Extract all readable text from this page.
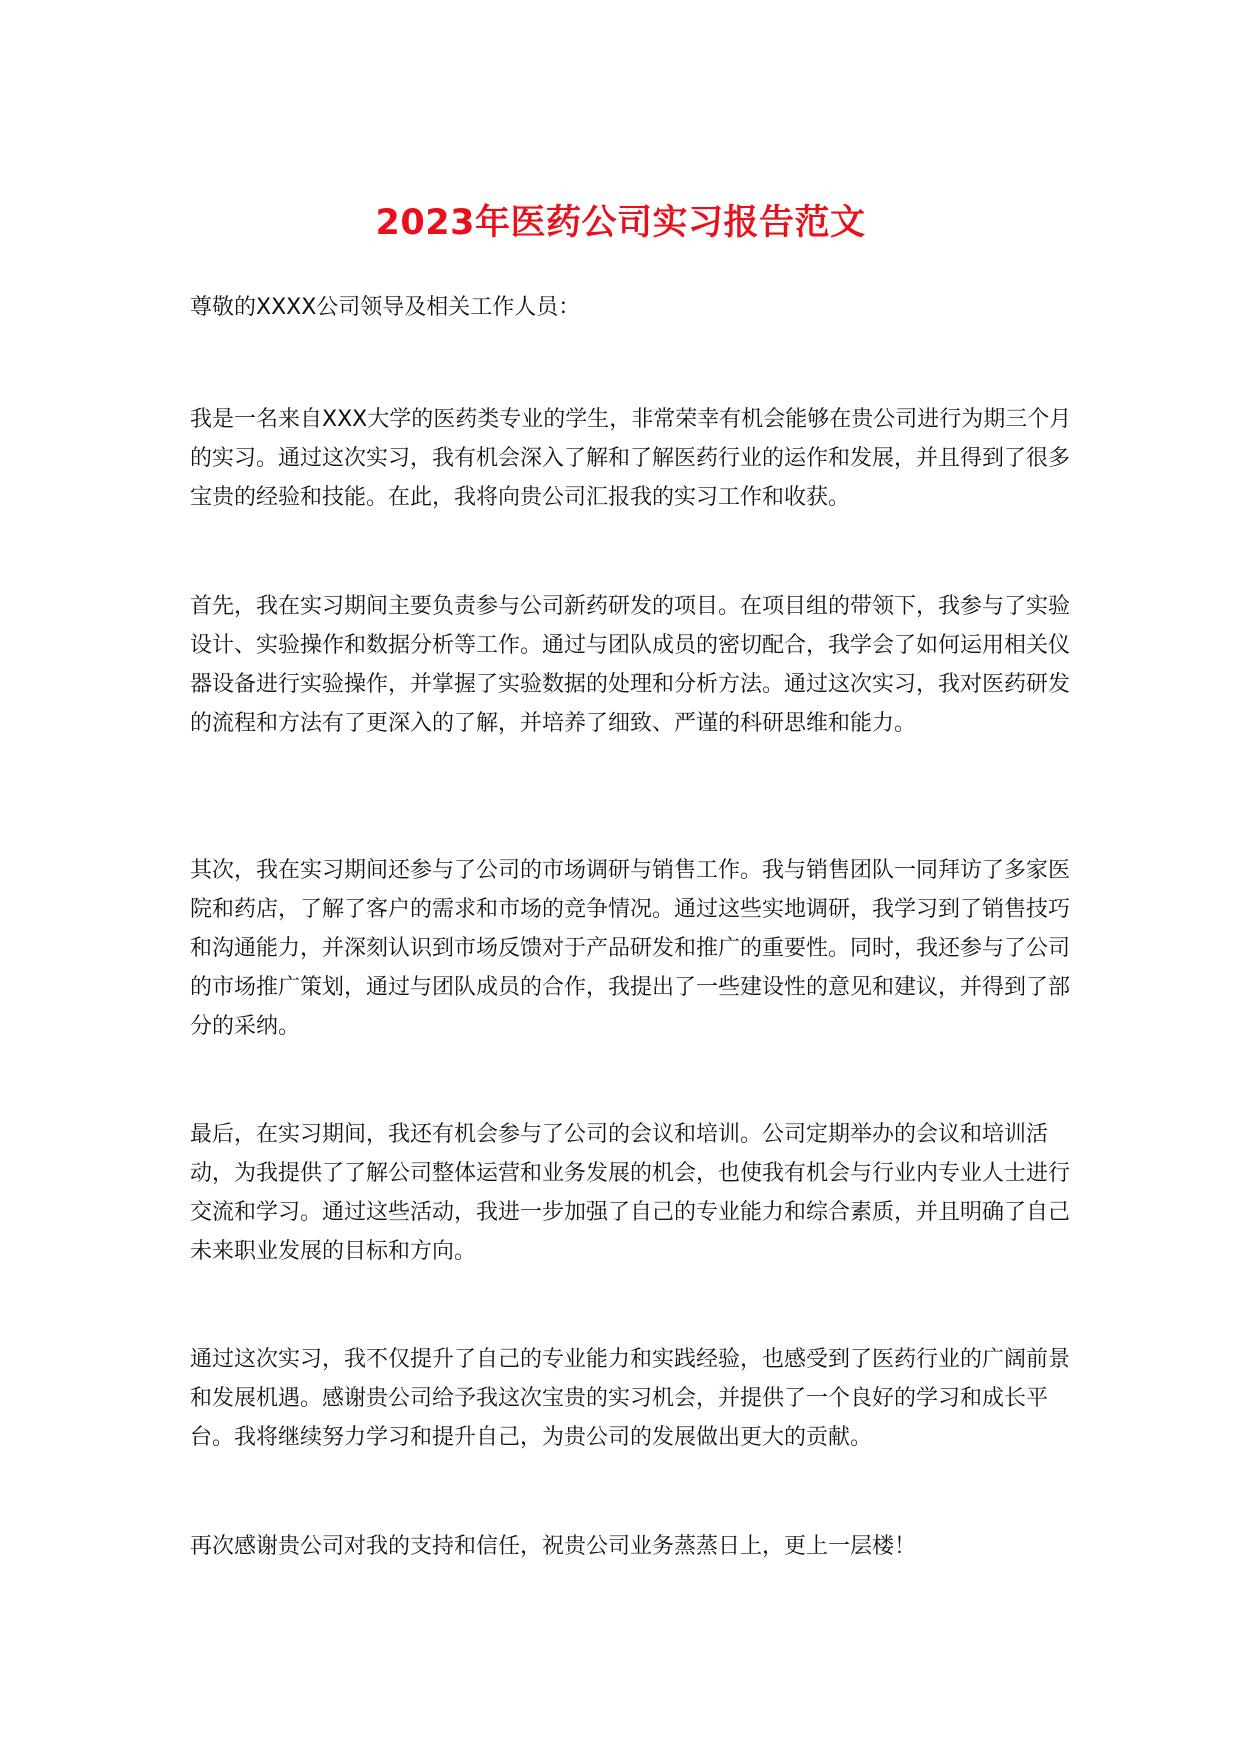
2023年医药公司实习报告范文

尊敬的XXXX公司领导及相关工作人员：

我是一名来自XXX大学的医药类专业的学生，非常荣幸有机会能够在贵公司进行为期三个月的实习。通过这次实习，我有机会深入了解和了解医药行业的运作和发展，并且得到了很多宝贵的经验和技能。在此，我将向贵公司汇报我的实习工作和收获。

首先，我在实习期间主要负责参与公司新药研发的项目。在项目组的带领下，我参与了实验设计、实验操作和数据分析等工作。通过与团队成员的密切配合，我学会了如何运用相关仪器设备进行实验操作，并掌握了实验数据的处理和分析方法。通过这次实习，我对医药研发的流程和方法有了更深入的了解，并培养了细致、严谨的科研思维和能力。

其次，我在实习期间还参与了公司的市场调研与销售工作。我与销售团队一同拜访了多家医院和药店，了解了客户的需求和市场的竞争情况。通过这些实地调研，我学习到了销售技巧和沟通能力，并深刻认识到市场反馈对于产品研发和推广的重要性。同时，我还参与了公司的市场推广策划，通过与团队成员的合作，我提出了一些建设性的意见和建议，并得到了部分的采纳。

最后，在实习期间，我还有机会参与了公司的会议和培训。公司定期举办的会议和培训活动，为我提供了了解公司整体运营和业务发展的机会，也使我有机会与行业内专业人士进行交流和学习。通过这些活动，我进一步加强了自己的专业能力和综合素质，并且明确了自己未来职业发展的目标和方向。

通过这次实习，我不仅提升了自己的专业能力和实践经验，也感受到了医药行业的广阔前景和发展机遇。感谢贵公司给予我这次宝贵的实习机会，并提供了一个良好的学习和成长平台。我将继续努力学习和提升自己，为贵公司的发展做出更大的贡献。

再次感谢贵公司对我的支持和信任，祝贵公司业务蒸蒸日上，更上一层楼！
